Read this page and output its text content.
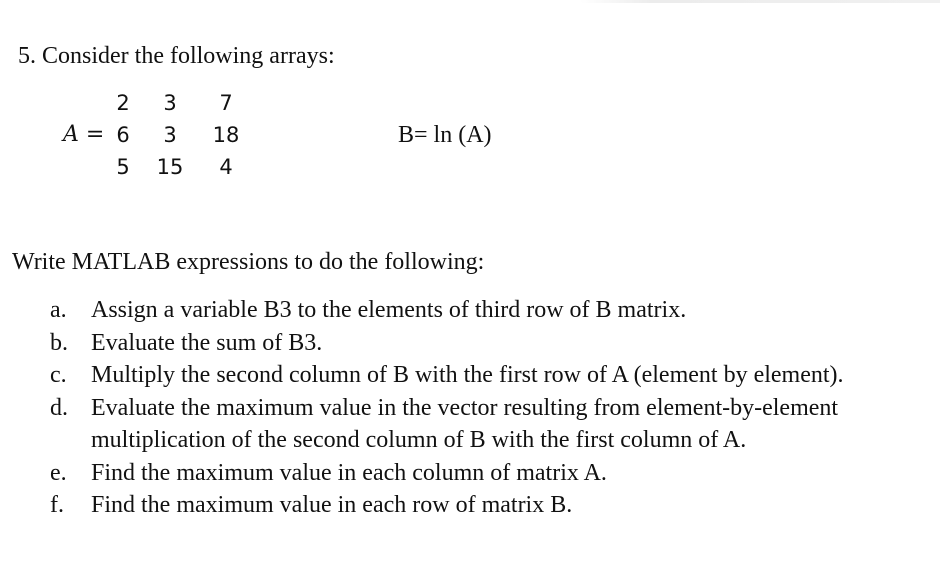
5. Consider the following arrays:
A =
2	3	7
6	3	18
5	15	4
B= ln (A)
Write MATLAB expressions to do the following:
a. Assign a variable B3 to the elements of third row of B matrix.
b. Evaluate the sum of B3.
c. Multiply the second column of B with the first row of A (element by element).
d. Evaluate the maximum value in the vector resulting from element-by-element multiplication of the second column of B with the first column of A.
e. Find the maximum value in each column of matrix A.
f. Find the maximum value in each row of matrix B.
